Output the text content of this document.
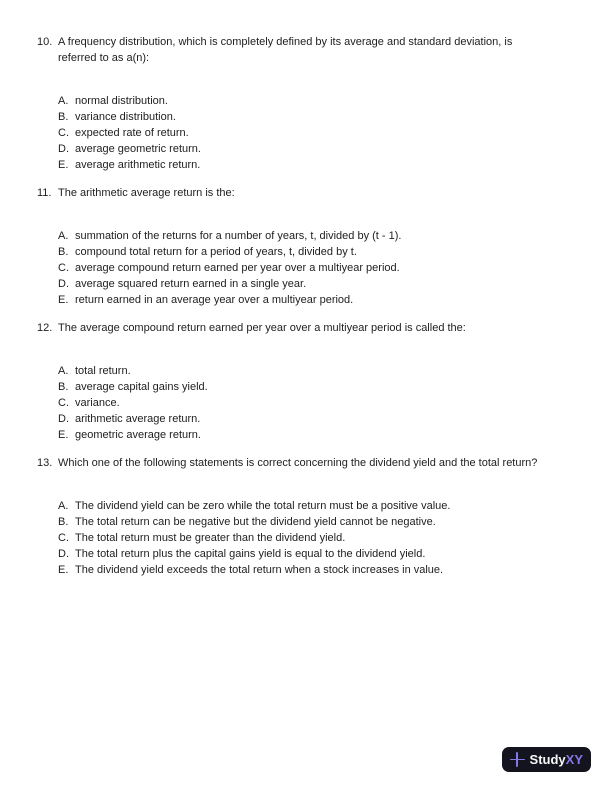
10. A frequency distribution, which is completely defined by its average and standard deviation, is referred to as a(n):

A. normal distribution.
B. variance distribution.
C. expected rate of return.
D. average geometric return.
E. average arithmetic return.
11. The arithmetic average return is the:

A. summation of the returns for a number of years, t, divided by (t - 1).
B. compound total return for a period of years, t, divided by t.
C. average compound return earned per year over a multiyear period.
D. average squared return earned in a single year.
E. return earned in an average year over a multiyear period.
12. The average compound return earned per year over a multiyear period is called the:

A. total return.
B. average capital gains yield.
C. variance.
D. arithmetic average return.
E. geometric average return.
13. Which one of the following statements is correct concerning the dividend yield and the total return?

A. The dividend yield can be zero while the total return must be a positive value.
B. The total return can be negative but the dividend yield cannot be negative.
C. The total return must be greater than the dividend yield.
D. The total return plus the capital gains yield is equal to the dividend yield.
E. The dividend yield exceeds the total return when a stock increases in value.
StudyXY
